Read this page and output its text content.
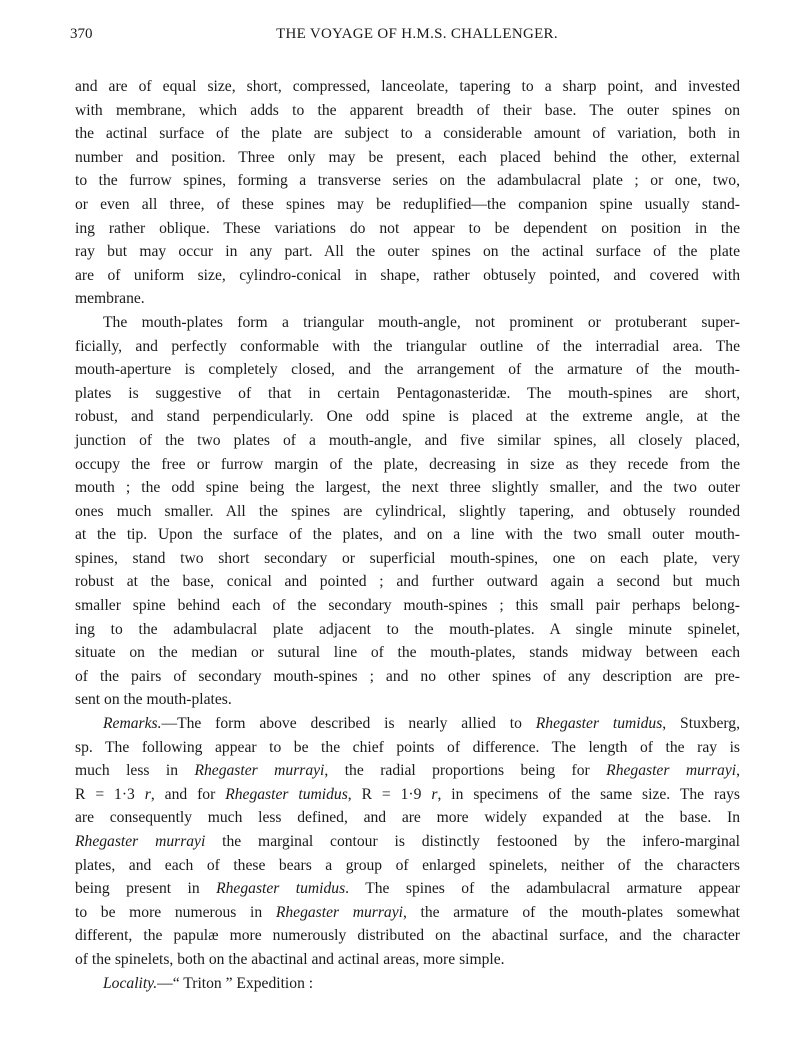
370	THE VOYAGE OF H.M.S. CHALLENGER.
and are of equal size, short, compressed, lanceolate, tapering to a sharp point, and invested
with membrane, which adds to the apparent breadth of their base. The outer spines on
the actinal surface of the plate are subject to a considerable amount of variation, both in
number and position. Three only may be present, each placed behind the other, external
to the furrow spines, forming a transverse series on the adambulacral plate ; or one, two,
or even all three, of these spines may be reduplified—the companion spine usually stand-
ing rather oblique. These variations do not appear to be dependent on position in the
ray but may occur in any part. All the outer spines on the actinal surface of the plate
are of uniform size, cylindro-conical in shape, rather obtusely pointed, and covered with
membrane.
The mouth-plates form a triangular mouth-angle, not prominent or protuberant super-
ficially, and perfectly conformable with the triangular outline of the interradial area. The
mouth-aperture is completely closed, and the arrangement of the armature of the mouth-
plates is suggestive of that in certain Pentagonasteridæ. The mouth-spines are short,
robust, and stand perpendicularly. One odd spine is placed at the extreme angle, at the
junction of the two plates of a mouth-angle, and five similar spines, all closely placed,
occupy the free or furrow margin of the plate, decreasing in size as they recede from the
mouth ; the odd spine being the largest, the next three slightly smaller, and the two outer
ones much smaller. All the spines are cylindrical, slightly tapering, and obtusely rounded
at the tip. Upon the surface of the plates, and on a line with the two small outer mouth-
spines, stand two short secondary or superficial mouth-spines, one on each plate, very
robust at the base, conical and pointed ; and further outward again a second but much
smaller spine behind each of the secondary mouth-spines ; this small pair perhaps belong-
ing to the adambulacral plate adjacent to the mouth-plates. A single minute spinelet,
situate on the median or sutural line of the mouth-plates, stands midway between each
of the pairs of secondary mouth-spines ; and no other spines of any description are pre-
sent on the mouth-plates.
Remarks.—The form above described is nearly allied to Rhegaster tumidus, Stuxberg,
sp. The following appear to be the chief points of difference. The length of the ray is
much less in Rhegaster murrayi, the radial proportions being for Rhegaster murrayi,
R = 1·3 r, and for Rhegaster tumidus, R = 1·9 r, in specimens of the same size. The rays
are consequently much less defined, and are more widely expanded at the base. In
Rhegaster murrayi the marginal contour is distinctly festooned by the infero-marginal
plates, and each of these bears a group of enlarged spinelets, neither of the characters
being present in Rhegaster tumidus. The spines of the adambulacral armature appear
to be more numerous in Rhegaster murrayi, the armature of the mouth-plates somewhat
different, the papulæ more numerously distributed on the abactinal surface, and the character
of the spinelets, both on the abactinal and actinal areas, more simple.
Locality.—“ Triton ” Expedition :
